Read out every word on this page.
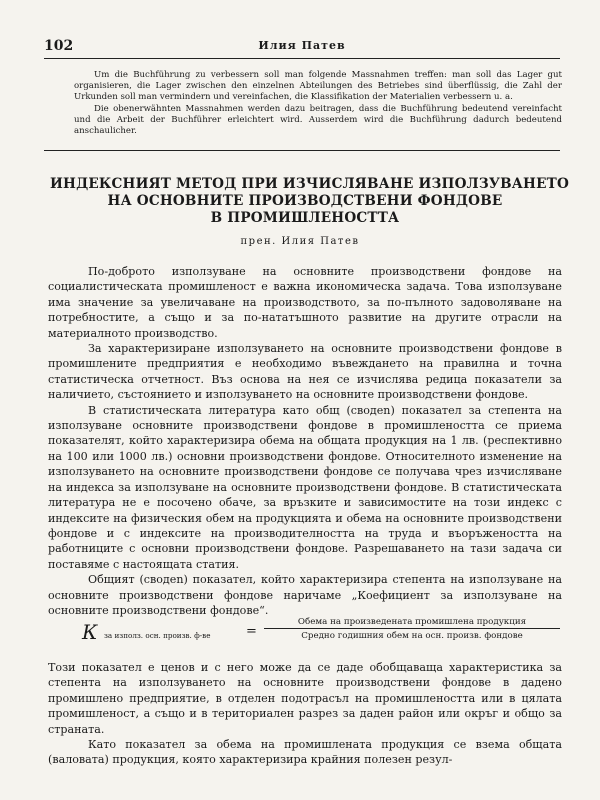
102	Илия Патев

Um die Buchführung zu verbessern soll man folgende Massnahmen treffen: man soll das Lager gut organisieren, die Lager zwischen den einzelnen Abteilungen des Betriebes sind überflüssig, die Zahl der Urkunden soll man vermindern und vereinfachen, die Klassifikation der Materialien verbessern u. a.

Die obenerwähnten Massnahmen werden dazu beitragen, dass die Buchführung bedeutend vereinfacht und die Arbeit der Buchführer erleichtert wird. Ausserdem wird die Buchführung dadurch bedeutend anschaulicher.

ИНДЕКСНИЯТ МЕТОД ПРИ ИЗЧИСЛЯВАНЕ ИЗПОЛЗУВАНЕТО
НА ОСНОВНИТЕ ПРОИЗВОДСТВЕНИ ФОНДОВЕ
В ПРОМИШЛЕНОСТТА
прен. Илия Патев

По-доброто използуване на основните производствени фондове на социалистическата промишленост е важна икономическа задача. Това използуване има значение за увеличаване на производството, за по-пълното задоволяване на потребностите, а също и за по-нататъшното развитие на другите отрасли на материалното производство.

За характеризиране използуването на основните производствени фондове в промишлените предприятия е необходимо въвеждането на правилна и точна статистическа отчетност. Въз основа на нея се изчислява редица показатели за наличието, състоянието и използуването на основните производствени фондове.

В статистическата литература като общ (сводеn) показател за степента на използуване основните производствени фондове в промишлеността се приема показателят, който характеризира обема на общата продукция на 1 лв. (респективно на 100 или 1000 лв.) основни производствени фондове. Относителното изменение на използуването на основните производствени фондове се получава чрез изчисляване на индекса за използуване на основните производствени фондове. В статистическата литература не е посочено обаче, за връзките и зависимостите на този индекс с индексите на физическия обем на продукцията и обема на основните производствени фондове и с индексите на производителността на труда и въоръжеността на работниците с основни производствени фондове. Разрешаването на тази задача си поставяме с настоящата статия.

Общият (сводеn) показател, който характеризира степента на използуване на основните производствени фондове наричаме „Коефициент за използуване на основните производствени фондове“.

К за използ. осн. произв. ф-ве	=
Обема на произведената промишлена продукция
Средно годишния обем на осн. произв. фондове

Този показател е ценов и с него може да се даде обобщаваща характеристика за степента на използуването на основните производствени фондове в дадено промишлено предприятие, в отделен подотрасъл на промишлеността или в цялата промишленост, а също и в териториален разрез за даден район или окръг и общо за страната.

Като показател за обема на промишлената продукция се взема общата (валовата) продукция, която характеризира крайния полезен резул-
